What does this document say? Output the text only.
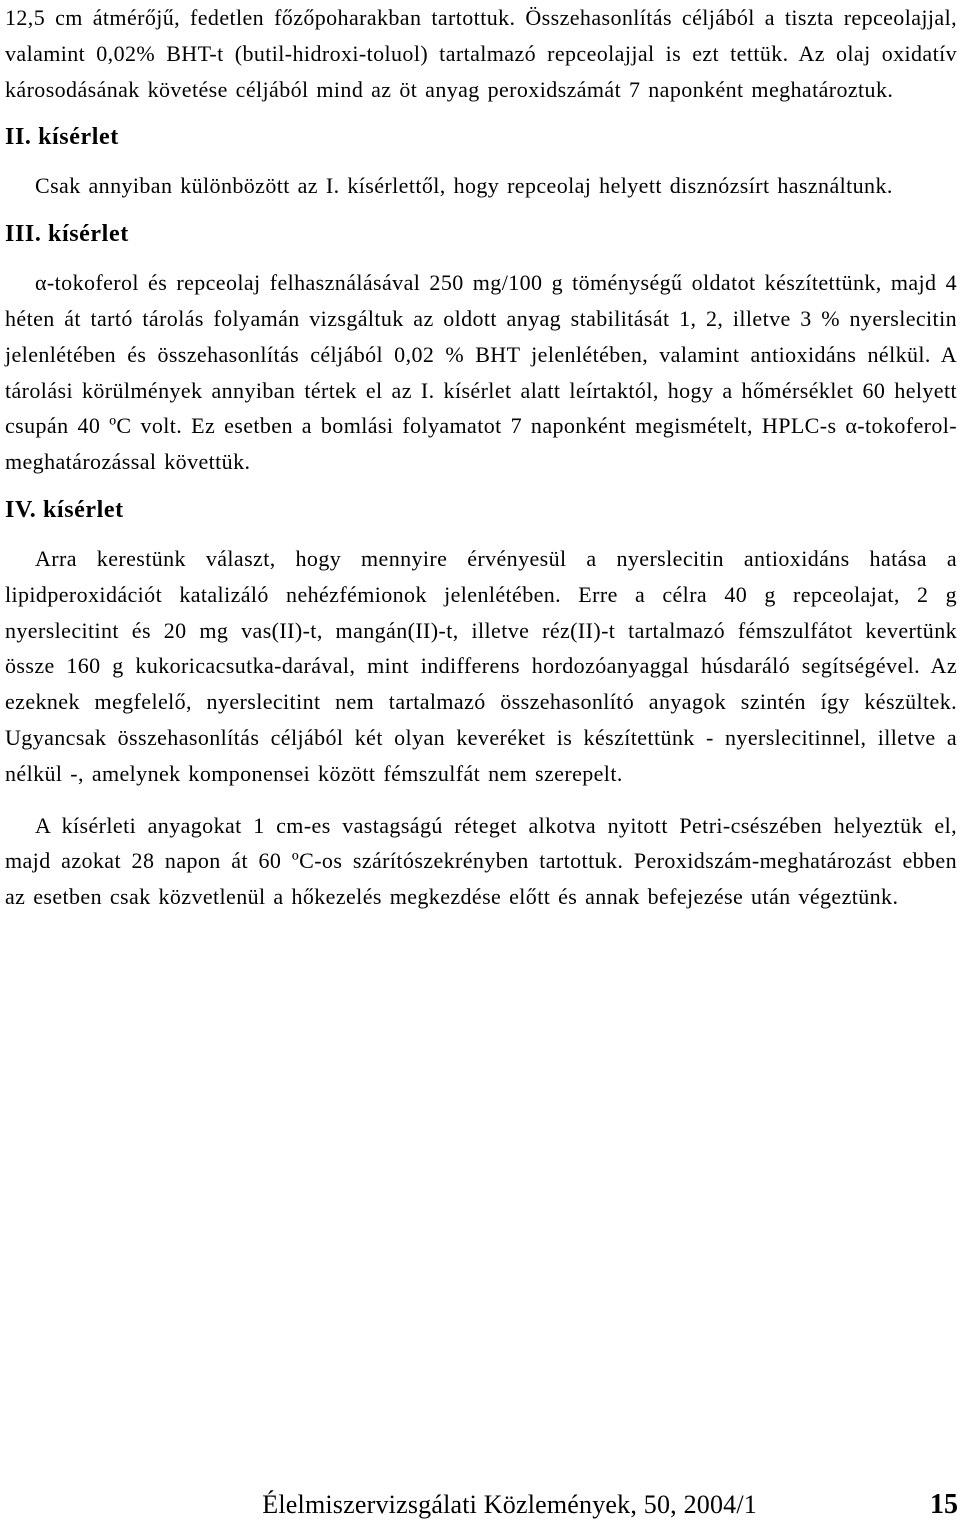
12,5 cm átmérőjű, fedetlen főzőpoharakban tartottuk. Összehasonlítás céljából a tiszta repceolajjal, valamint 0,02% BHT-t (butil-hidroxi-toluol) tartalmazó repceolajjal is ezt tettük. Az olaj oxidatív károsodásának követése céljából mind az öt anyag peroxidszámát 7 naponként meghatároztuk.

II. kísérlet

Csak annyiban különbözött az I. kísérlettől, hogy repceolaj helyett disznózsírt használtunk.

III. kísérlet

α-tokoferol és repceolaj felhasználásával 250 mg/100 g töménységű oldatot készítettünk, majd 4 héten át tartó tárolás folyamán vizsgáltuk az oldott anyag stabilitását 1, 2, illetve 3 % nyerslecitin jelenlétében és összehasonlítás céljából 0,02 % BHT jelenlétében, valamint antioxidáns nélkül. A tárolási körülmények annyiban tértek el az I. kísérlet alatt leírtaktól, hogy a hőmérséklet 60 helyett csupán 40 ºC volt. Ez esetben a bomlási folyamatot 7 naponként megismételt, HPLC-s α-tokoferol-meghatározással követtük.

IV. kísérlet

Arra kerestünk választ, hogy mennyire érvényesül a nyerslecitin antioxidáns hatása a lipidperoxidációt katalizáló nehézfémionok jelenlétében. Erre a célra 40 g repceolajat, 2 g nyerslecitint és 20 mg vas(II)-t, mangán(II)-t, illetve réz(II)-t tartalmazó fémszulfátot kevertünk össze 160 g kukoricacsutka-darával, mint indifferens hordozóanyaggal húsdaráló segítségével. Az ezeknek megfelelő, nyerslecitint nem tartalmazó összehasonlító anyagok szintén így készültek. Ugyancsak összehasonlítás céljából két olyan keveréket is készítettünk - nyerslecitinnel, illetve a nélkül -, amelynek komponensei között fémszulfát nem szerepelt.

A kísérleti anyagokat 1 cm-es vastagságú réteget alkotva nyitott Petri-csészében helyeztük el, majd azokat 28 napon át 60 ºC-os szárítószekrényben tartottuk. Peroxidszám-meghatározást ebben az esetben csak közvetlenül a hőkezelés megkezdése előtt és annak befejezése után végeztünk.

Élelmiszervizsgálati Közlemények, 50, 2004/1	15
